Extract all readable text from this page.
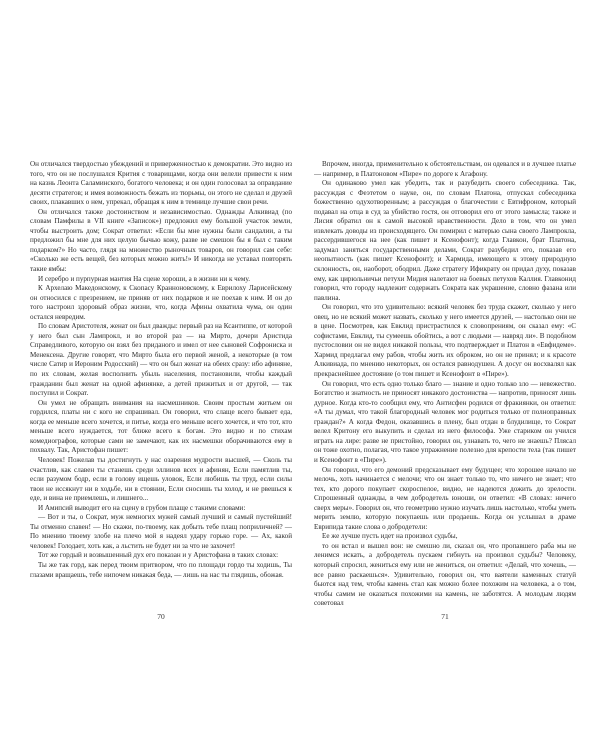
Он отличался твердостью убеждений и приверженностью к демократии. Это видно из того, что он не послушался Крития с товарищами, когда они велели привести к ним на казнь Леонта Саламинского, богатого человека; и он один голосовал за оправдание десяти стратегов; и имея возможность бежать из тюрьмы, он этого не сделал и друзей своих, плакавших о нем, упрекал, обращая к ним в темнице лучшие свои речи.

Он отличался также достоинством и независимостью. Однажды Алкивиад (по словам Памфилы в VII книге «Записок») предложил ему большой участок земли, чтобы выстроить дом; Сократ ответил: «Если бы мне нужны были сандалии, а ты предложил бы мне для них целую бычью кожу, разве не смешон бы я был с таким подарком?» Но часто, глядя на множество рыночных товаров, он говорил сам себе: «Сколько же есть вещей, без которых можно жить!» И никогда не уставал повторять такие ямбы:

И серебро и пурпурная мантия На сцене хороши, а в жизни ни к чему.

К Архелаю Македонскому, к Скопасу Кранноновскому, к Еврилоху Ларисейскому он относился с презрением, не приняв от них подарков и не поехав к ним. И он до того настроил здоровый образ жизни, что, когда Афины охватила чума, он один остался невредим.

По словам Аристотеля, женат он был дважды: первый раз на Ксантиппе, от которой у него был сын Лампрокл, и во второй раз — на Мирто, дочери Аристида Справедливого, которую он взял без приданого и имел от нее сыновей Софрониска и Менексена. Другие говорят, что Мирто была его первой женой, а некоторые (в том числе Сатир и Иероним Родосский) — что он был женат на обеих сразу: ибо афиняне, по их словам, желая восполнить убыль населения, постановили, чтобы каждый гражданин был женат на одной афинянке, а детей прижитых и от другой, — так поступил и Сократ.

Он умел не обращать внимания на насмешников. Своим простым житьем он гордился, платы ни с кого не спрашивал. Он говорил, что слаще всего бывает еда, когда ее меньше всего хочется, и питье, когда его меньше всего хочется, и что тот, кто меньше всего нуждается, тот ближе всего к богам. Это видно и по стихам комедиографов, которые сами не замечают, как их насмешки оборачиваются ему в похвалу. Так, Аристофан пишет:

Человек! Пожелав ты достигнуть у нас озарения мудрости высшей, — Сколь ты счастлив, как славен ты станешь среди эллинов всех и афинян, Если памятлив ты, если разумом бодр, если в голову ищешь уловок, Если любишь ты труд, если силы твои не иссякнут ни в ходьбе, ни в стоянии, Если сносишь ты холод, и не рвешься к еде, и вина не приемлешь, и лишнего...

И Амипсий выводит его на сцену в грубом плаще с такими словами:

— Вот и ты, о Сократ, муж немногих мужей самый лучший и самый пустейший! Ты отменно славен! — Но скажи, по-твоему, как добыть тебе плащ поприличней? — По мнению твоему злобе на плечо мой я надеял удару горько горе. — Ах, какой человек! Голодает, хоть как, а льстить не будет ни за что не захочет!

Тот же гордый и возвышенный дух его показан и у Аристофана в таких словах:

Ты же так горд, как перед твоим притвором, что по площади гордо ты ходишь, Ты глазами вращаешь, тебе нипочем никакая беда, — лишь на нас ты глядишь, обожая.

70

Впрочем, иногда, применительно к обстоятельствам, он одевался и в лучшее платье — например, в Платоновом «Пире» по дороге к Агафону.

Он одинаково умел как убедить, так и разубедить своего собеседника. Так, рассуждая с Феэтетом о науке, он, по словам Платона, отпускал собеседника божественно одухотворенным; а рассуждая о благочестии с Евтифроном, который подавал на отца в суд за убийство гостя, он отговорил его от этого замысла; также и Лисия обратил он к самой высокой нравственности. Дело в том, что он умел извлекать доводы из происходящего. Он помирил с матерью сына своего Лампрокла, рассердившегося на нее (как пишет и Ксенофонт); когда Главкон, брат Платона, задумал заняться государственными делами, Сократ разубедил его, показав его неопытность (как пишет Ксенофонт); и Хармида, имеющего к этому природную склонность, он, наоборот, ободрил. Даже стратегу Ификрату он придал духу, показав ему, как цирюльничьи петухи Мидия налетают на боевых петухов Каллия. Главконид говорил, что городу надлежит содержать Сократа как украшение, словно фазана или павлина.

Он говорил, что это удивительно: всякий человек без труда скажет, сколько у него овец, но не всякий может назвать, сколько у него имеется друзей, — настолько они не в цене. Посмотрев, как Евклид пристрастился к словопрениям, он сказал ему: «С софистами, Евклид, ты сумеешь обойтись, а вот с людьми — навряд ли». В подобном пустословии он не видел никакой пользы, что подтверждает и Платон в «Евфидеме». Хармид предлагал ему рабов, чтобы жить их оброком, но он не принял; и к красоте Алкивиада, по мнению некоторых, он остался равнодушен. А досуг он восхвалял как прекраснейшее достояние (о том пишет и Ксенофонт в «Пире»).

Он говорил, что есть одно только благо — знание и одно только зло — невежество. Богатство и знатность не приносят никакого достоинства — напротив, приносят лишь дурное. Когда кто-то сообщил ему, что Антисфен родился от фракиянки, он ответил: «А ты думал, что такой благородный человек мог родиться только от полноправных граждан?» А когда Федон, оказавшись в плену, был отдан в блудилище, то Сократ велел Критону его выкупить и сделал из него философа. Уже стариком он учился играть на лире: разве не пристойно, говорил он, узнавать то, чего не знаешь? Плясал он тоже охотно, полагая, что такое упражнение полезно для крепости тела (так пишет и Ксенофонт в «Пире»).

Он говорил, что его демоний предсказывает ему будущее; что хорошее начало не мелочь, хоть начинается с мелочи; что он знает только то, что ничего не знает; что тех, кто дорого покупает скороспелое, видно, не надеются дожить до зрелости. Спрошенный однажды, в чем добродетель юноши, он ответил: «В словах: ничего сверх меры». Говорил он, что геометрию нужно изучать лишь настолько, чтобы уметь мерить землю, которую покупаешь или продаешь. Когда он услышал в драме Еврипида такие слова о добродетели:

Ее же лучше пусть идет на произвол судьбы,

то он встал и вышел вон: не смешно ли, сказал он, что пропавшего раба мы не ленимся искать, а добродетель пускаем гибнуть на произвол судьбы? Человеку, который спросил, жениться ему или не жениться, он ответил: «Делай, что хочешь, — все равно раскаешься». Удивительно, говорил он, что ваятели каменных статуй бьются над тем, чтобы камень стал как можно более похожим на человека, а о том, чтобы самим не оказаться похожими на камень, не заботятся. А молодым людям советовал

71
